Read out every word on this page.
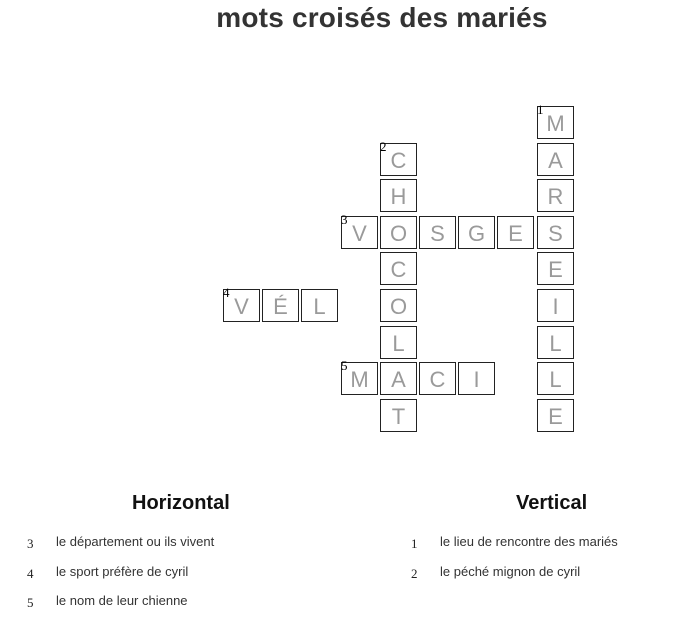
mots croisés des mariés
M
1
A
R
S
E
I
L
L
E
C
2
H
O
C
O
L
A
T
V
3
S	G	E
V
4
É	L
M
5
C	I
Horizontal	Vertical
3	le département ou ils vivent
4	le sport préfère de cyril
5	le nom de leur chienne
1	le lieu de rencontre des mariés
2	le péché mignon de cyril
